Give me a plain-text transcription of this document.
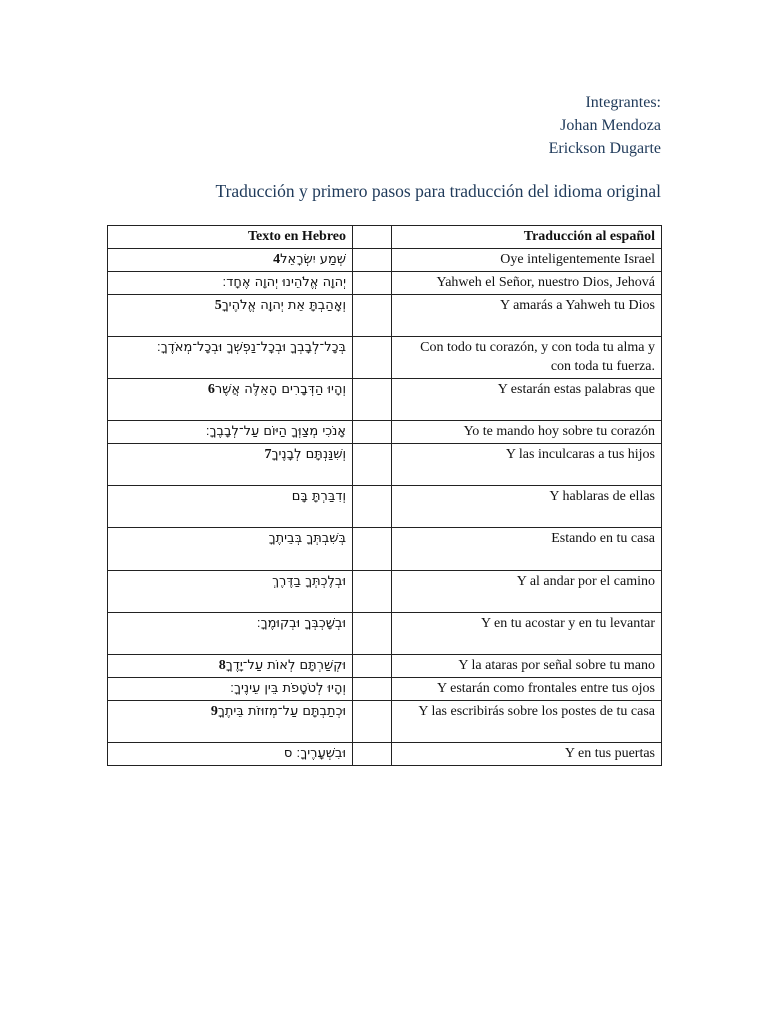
Integrantes:
Johan Mendoza
Erickson Dugarte
Traducción y primero pasos para traducción del idioma original
Texto en Hebreo		Traducción al español
4שְׁמַע יִשְׂרָאֵל		Oye inteligentemente Israel
יְהוָה אֱלֹהֵינוּ יְהוָה אֶחָד׃		Yahweh el Señor, nuestro Dios, Jehová
5וְאָהַבְתָּ אֵת יְהוָה אֱלֹהֶיךָ		Y amarás a Yahweh tu Dios
בְּכָל־לְבָבְךָ וּבְכָל־נַפְשְׁךָ וּבְכָל־מְאֹדֶךָ׃		Con todo tu corazón, y con toda tu alma y con toda tu fuerza.
6וְהָיוּ הַדְּבָרִים הָאֵלֶּה אֲשֶׁר		Y estarán estas palabras que
אָנֹכִי מְצַוְּךָ הַיּוֹם עַל־לְבָבֶךָ׃		Yo te mando hoy sobre tu corazón
7וְשִׁנַּנְתָּם לְבָנֶיךָ		Y las inculcaras a tus hijos
וְדִבַּרְתָּ בָּם		Y hablaras de ellas
בְּשִׁבְתְּךָ בְּבֵיתֶךָ		Estando en tu casa
וּבְלֶכְתְּךָ בַדֶּרֶךְ		Y al andar por el camino
וּבְשָׁכְבְּךָ וּבְקוּמֶךָ׃		Y en tu acostar y en tu levantar
8וּקְשַׁרְתָּם לְאוֹת עַל־יָדֶךָ		Y la ataras por señal sobre tu mano
וְהָיוּ לְטֹטָפֹת בֵּין עֵינֶיךָ׃		Y estarán como frontales entre tus ojos
9וּכְתַבְתָּם עַל־מְזוּזֹת בֵּיתֶךָ		Y las escribirás sobre los postes de tu casa
וּבִשְׁעָרֶיךָ׃ ס		Y en tus puertas
